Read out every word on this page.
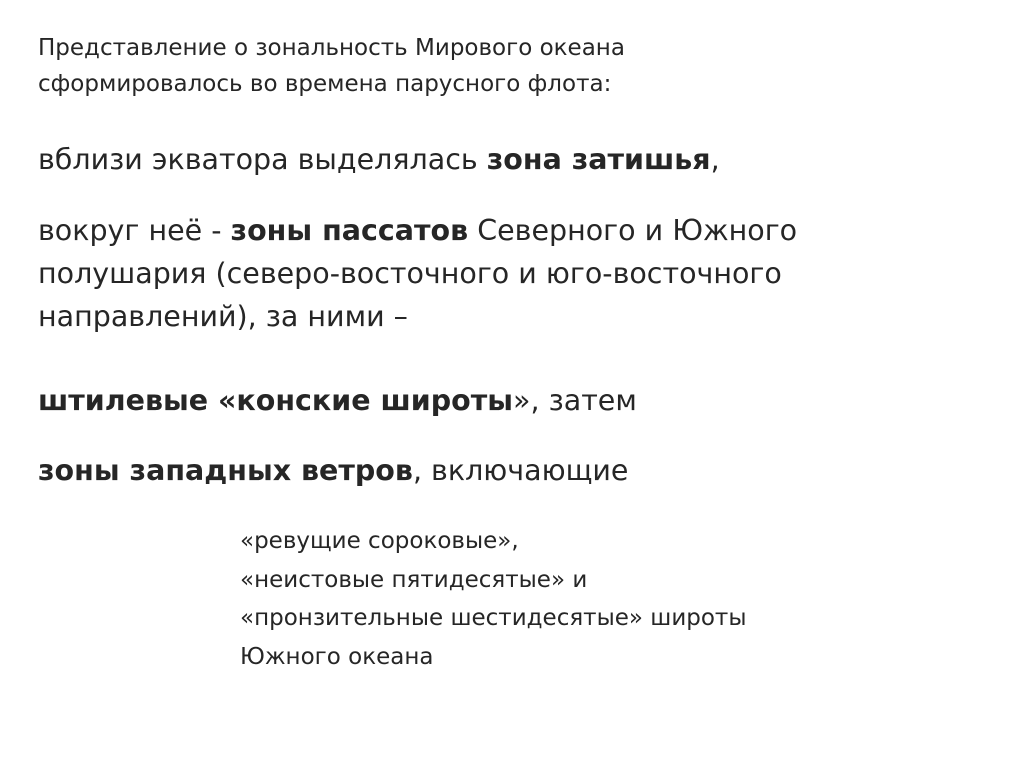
Представление о зональность Мирового океана
сформировалось во времена парусного флота:
вблизи экватора выделялась зона затишья,
вокруг неё - зоны пассатов Северного и Южного
полушария (северо-восточного и юго-восточного
направлений), за ними –
штилевые «конские широты», затем
зоны западных ветров, включающие
«ревущие сороковые»,
«неистовые пятидесятые» и
«пронзительные шестидесятые» широты
Южного океана
